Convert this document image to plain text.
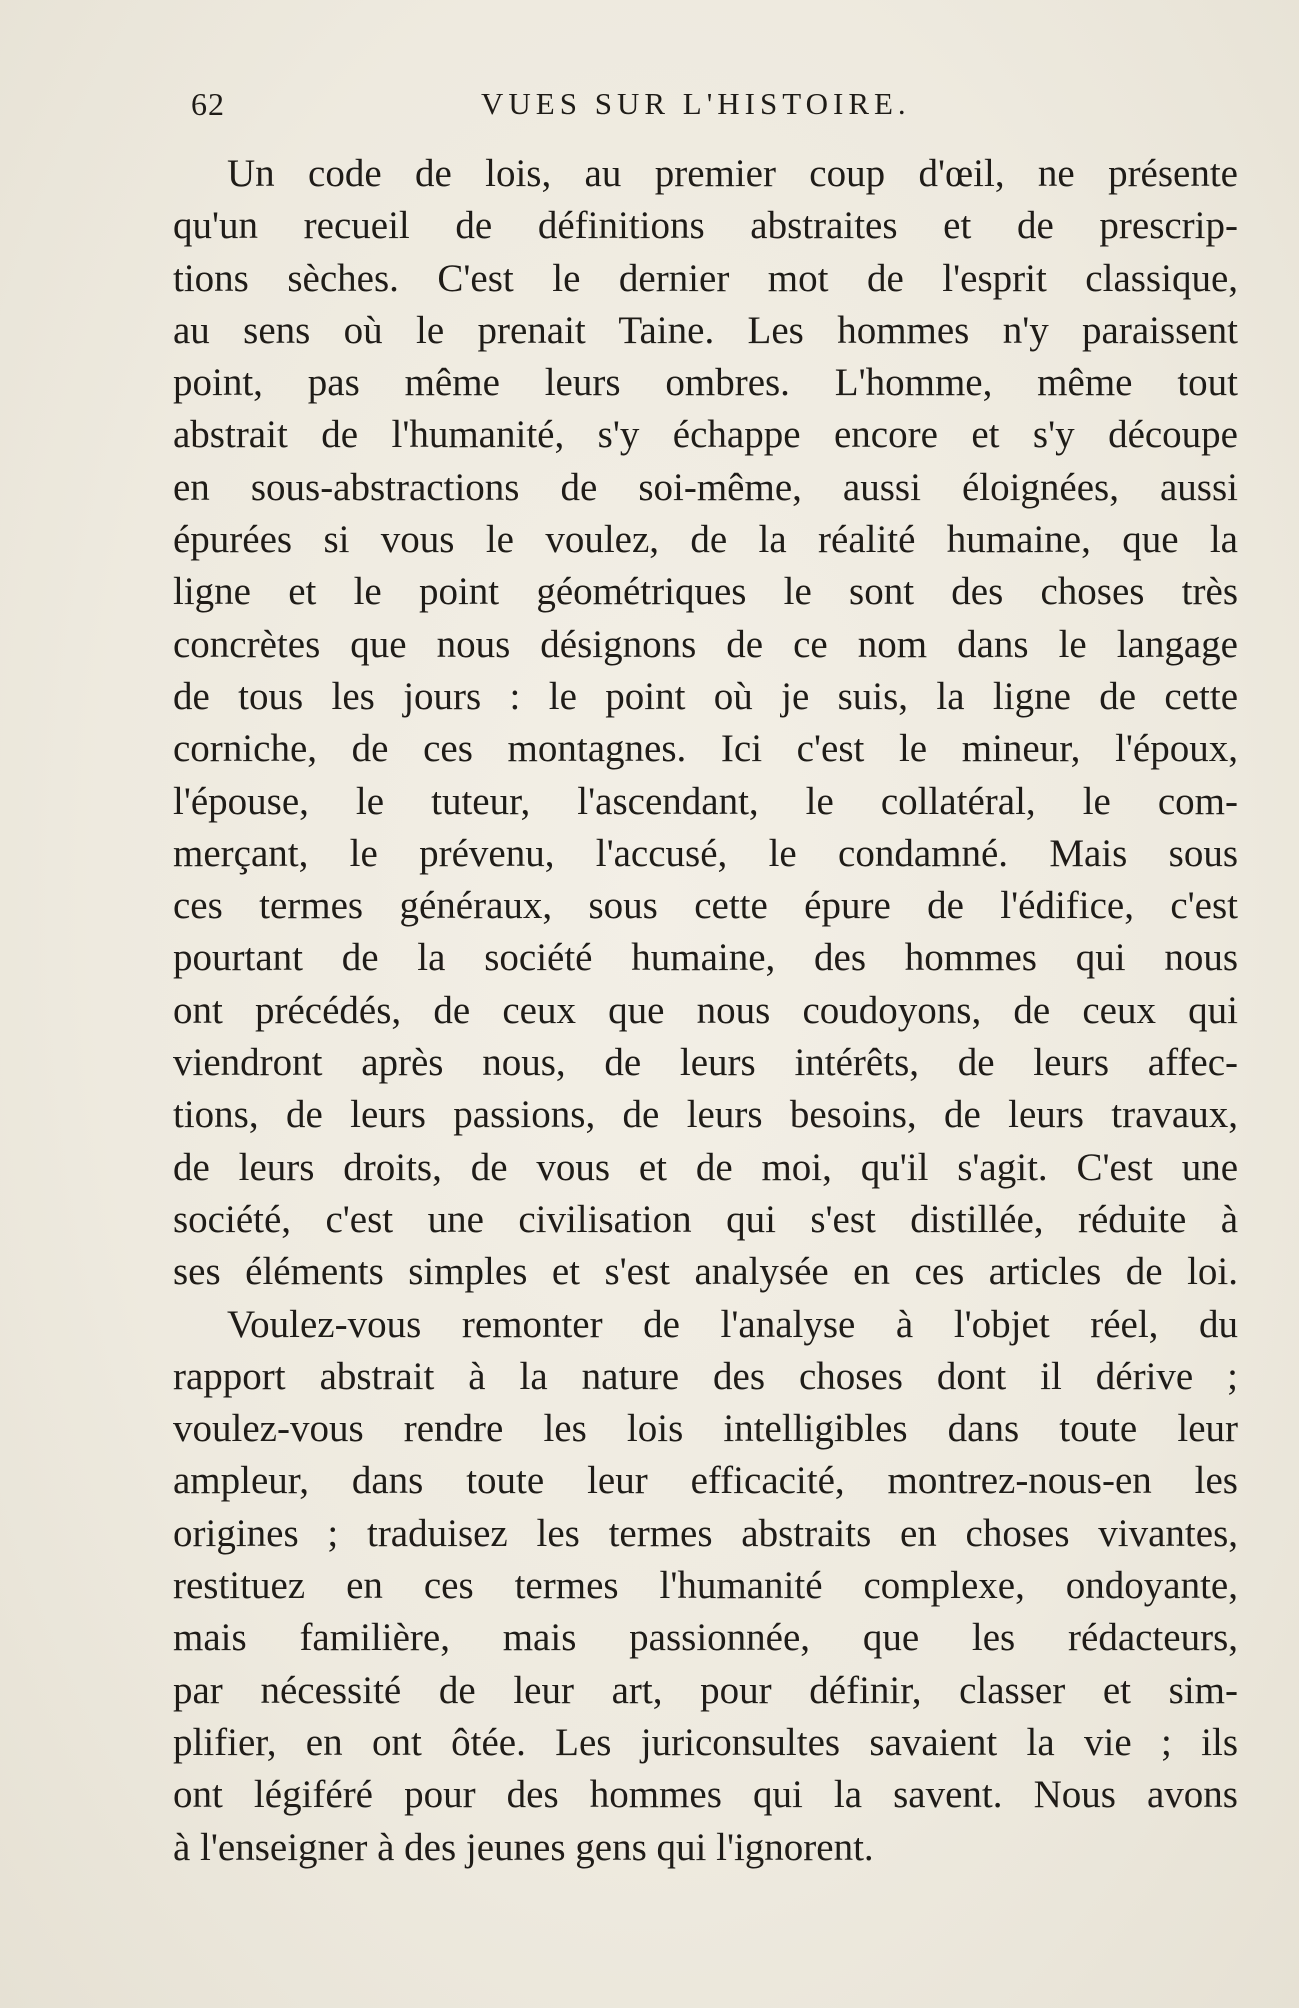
62	VUES SUR L'HISTOIRE.
Un code de lois, au premier coup d'œil, ne présente
qu'un recueil de définitions abstraites et de prescrip-
tions sèches. C'est le dernier mot de l'esprit classique,
au sens où le prenait Taine. Les hommes n'y paraissent
point, pas même leurs ombres. L'homme, même tout
abstrait de l'humanité, s'y échappe encore et s'y découpe
en sous-abstractions de soi-même, aussi éloignées, aussi
épurées si vous le voulez, de la réalité humaine, que la
ligne et le point géométriques le sont des choses très
concrètes que nous désignons de ce nom dans le langage
de tous les jours : le point où je suis, la ligne de cette
corniche, de ces montagnes. Ici c'est le mineur, l'époux,
l'épouse, le tuteur, l'ascendant, le collatéral, le com-
merçant, le prévenu, l'accusé, le condamné. Mais sous
ces termes généraux, sous cette épure de l'édifice, c'est
pourtant de la société humaine, des hommes qui nous
ont précédés, de ceux que nous coudoyons, de ceux qui
viendront après nous, de leurs intérêts, de leurs affec-
tions, de leurs passions, de leurs besoins, de leurs travaux,
de leurs droits, de vous et de moi, qu'il s'agit. C'est une
société, c'est une civilisation qui s'est distillée, réduite à
ses éléments simples et s'est analysée en ces articles de loi.
Voulez-vous remonter de l'analyse à l'objet réel, du
rapport abstrait à la nature des choses dont il dérive ;
voulez-vous rendre les lois intelligibles dans toute leur
ampleur, dans toute leur efficacité, montrez-nous-en les
origines ; traduisez les termes abstraits en choses vivantes,
restituez en ces termes l'humanité complexe, ondoyante,
mais familière, mais passionnée, que les rédacteurs,
par nécessité de leur art, pour définir, classer et sim-
plifier, en ont ôtée. Les juriconsultes savaient la vie ; ils
ont légiféré pour des hommes qui la savent. Nous avons
à l'enseigner à des jeunes gens qui l'ignorent.
